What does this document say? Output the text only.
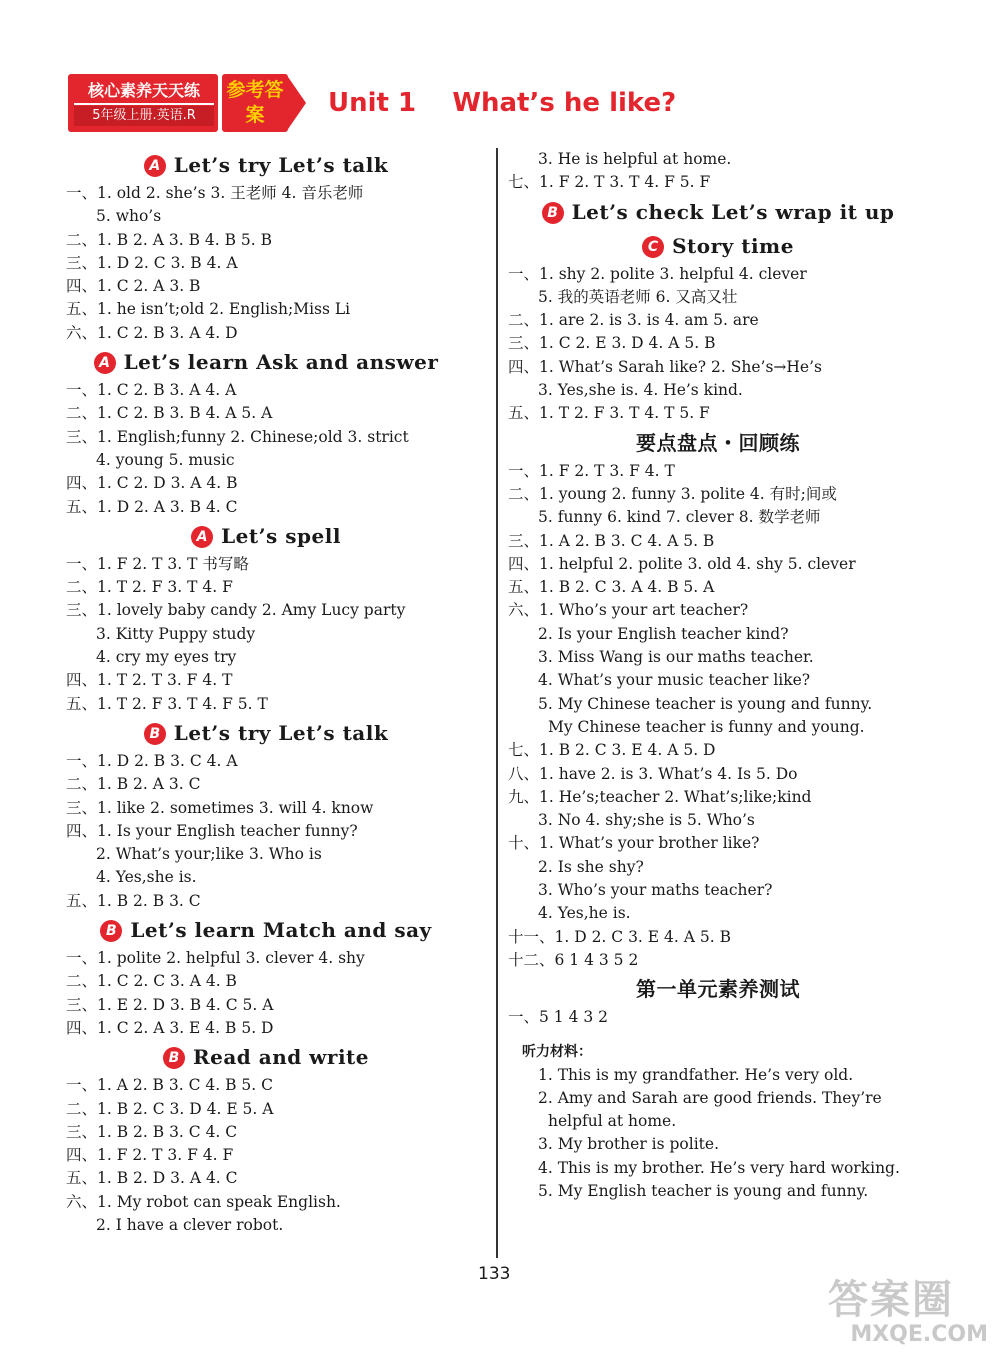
核心素养天天练
5年级上册.英语.R
参考答案	Unit 1    What’s he like?
A Let’s try Let’s talk
一、1. old 2. she’s 3. 王老师 4. 音乐老师
5. who’s
二、1. B 2. A 3. B 4. B 5. B
三、1. D 2. C 3. B 4. A
四、1. C 2. A 3. B
五、1. he isn’t;old 2. English;Miss Li
六、1. C 2. B 3. A 4. D
A Let’s learn Ask and answer
一、1. C 2. B 3. A 4. A
二、1. C 2. B 3. B 4. A 5. A
三、1. English;funny 2. Chinese;old 3. strict
4. young 5. music
四、1. C 2. D 3. A 4. B
五、1. D 2. A 3. B 4. C
A Let’s spell
一、1. F 2. T 3. T 书写略
二、1. T 2. F 3. T 4. F
三、1. lovely baby candy 2. Amy Lucy party
3. Kitty Puppy study
4. cry my eyes try
四、1. T 2. T 3. F 4. T
五、1. T 2. F 3. T 4. F 5. T
B Let’s try Let’s talk
一、1. D 2. B 3. C 4. A
二、1. B 2. A 3. C
三、1. like 2. sometimes 3. will 4. know
四、1. Is your English teacher funny?
2. What’s your;like 3. Who is
4. Yes,she is.
五、1. B 2. B 3. C
B Let’s learn Match and say
一、1. polite 2. helpful 3. clever 4. shy
二、1. C 2. C 3. A 4. B
三、1. E 2. D 3. B 4. C 5. A
四、1. C 2. A 3. E 4. B 5. D
B Read and write
一、1. A 2. B 3. C 4. B 5. C
二、1. B 2. C 3. D 4. E 5. A
三、1. B 2. B 3. C 4. C
四、1. F 2. T 3. F 4. F
五、1. B 2. D 3. A 4. C
六、1. My robot can speak English.
2. I have a clever robot.
3. He is helpful at home.
七、1. F 2. T 3. T 4. F 5. F
B Let’s check Let’s wrap it up
C Story time
一、1. shy 2. polite 3. helpful 4. clever
5. 我的英语老师 6. 又高又壮
二、1. are 2. is 3. is 4. am 5. are
三、1. C 2. E 3. D 4. A 5. B
四、1. What’s Sarah like? 2. She’s→He’s
3. Yes,she is. 4. He’s kind.
五、1. T 2. F 3. T 4. T 5. F
要点盘点・回顾练
一、1. F 2. T 3. F 4. T
二、1. young 2. funny 3. polite 4. 有时;间或
5. funny 6. kind 7. clever 8. 数学老师
三、1. A 2. B 3. C 4. A 5. B
四、1. helpful 2. polite 3. old 4. shy 5. clever
五、1. B 2. C 3. A 4. B 5. A
六、1. Who’s your art teacher?
2. Is your English teacher kind?
3. Miss Wang is our maths teacher.
4. What’s your music teacher like?
5. My Chinese teacher is young and funny.
My Chinese teacher is funny and young.
七、1. B 2. C 3. E 4. A 5. D
八、1. have 2. is 3. What’s 4. Is 5. Do
九、1. He’s;teacher 2. What’s;like;kind
3. No 4. shy;she is 5. Who’s
十、1. What’s your brother like?
2. Is she shy?
3. Who’s your maths teacher?
4. Yes,he is.
十一、1. D 2. C 3. E 4. A 5. B
十二、6 1 4 3 5 2
第一单元素养测试
一、5 1 4 3 2
听力材料：
1. This is my grandfather. He’s very old.
2. Amy and Sarah are good friends. They’re
helpful at home.
3. My brother is polite.
4. This is my brother. He’s very hard working.
5. My English teacher is young and funny.
133
答案圈
MXQE.COM
